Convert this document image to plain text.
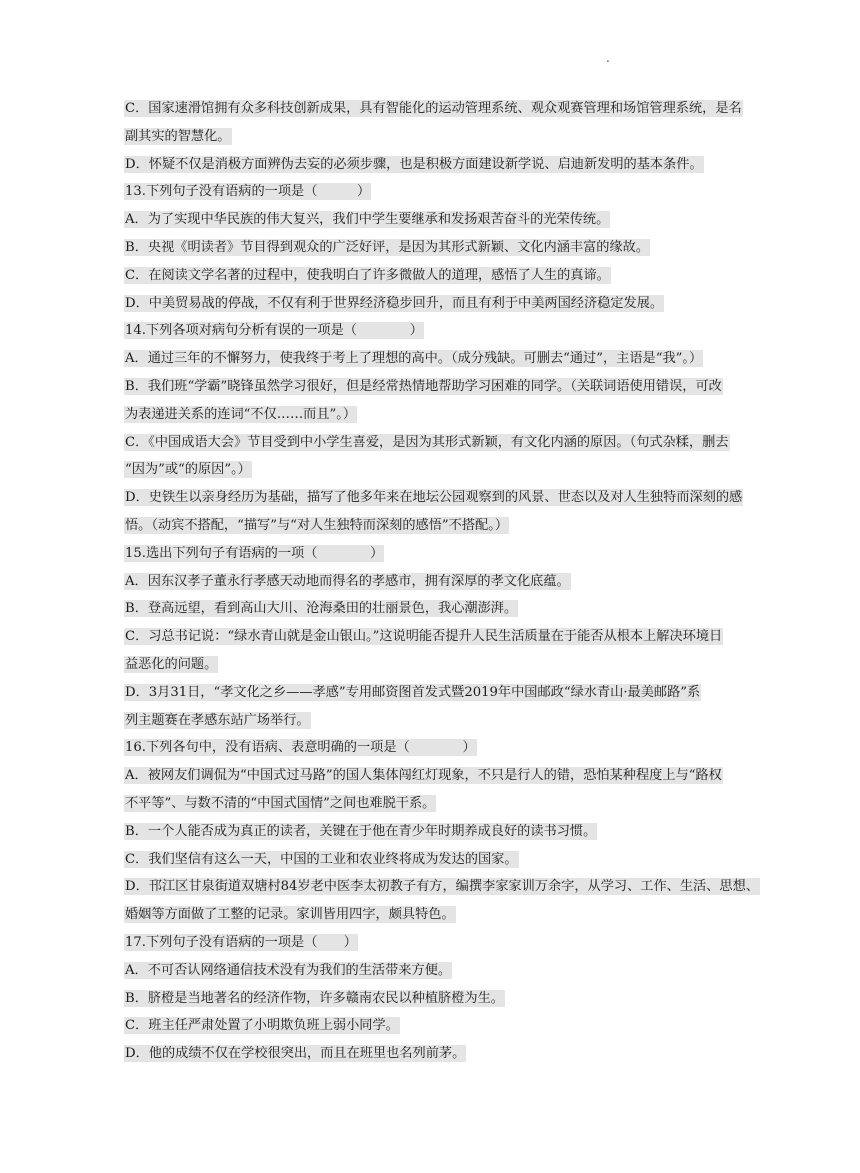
.
C．国家速滑馆拥有众多科技创新成果，具有智能化的运动管理系统、观众观赛管理和场馆管理系统，是名
副其实的智慧化。
D．怀疑不仅是消极方面辨伪去妄的必须步骤，也是积极方面建设新学说、启迪新发明的基本条件。
13.下列句子没有语病的一项是（　　　）
A．为了实现中华民族的伟大复兴，我们中学生要继承和发扬艰苦奋斗的光荣传统。
B．央视《明读者》节目得到观众的广泛好评，是因为其形式新颖、文化内涵丰富的缘故。
C．在阅读文学名著的过程中，使我明白了许多微做人的道理，感悟了人生的真谛。
D．中美贸易战的停战，不仅有利于世界经济稳步回升，而且有利于中美两国经济稳定发展。
14.下列各项对病句分析有误的一项是（　　　　）
A．通过三年的不懈努力，使我终于考上了理想的高中。（成分残缺。可删去“通过”，主语是“我”。）
B．我们班“学霸”晓锋虽然学习很好，但是经常热情地帮助学习困难的同学。（关联词语使用错误，可改
为表递进关系的连词“不仅……而且”。）
C．《中国成语大会》节目受到中小学生喜爱，是因为其形式新颖，有文化内涵的原因。（句式杂糅，删去
“因为”或“的原因”。）
D．史铁生以亲身经历为基础，描写了他多年来在地坛公园观察到的风景、世态以及对人生独特而深刻的感
悟。（动宾不搭配，“描写”与“对人生独特而深刻的感悟”不搭配。）
15.选出下列句子有语病的一项（　　　　）
A．因东汉孝子董永行孝感天动地而得名的孝感市，拥有深厚的孝文化底蕴。
B．登高远望，看到高山大川、沧海桑田的壮丽景色，我心潮澎湃。
C．习总书记说：“绿水青山就是金山银山。”这说明能否提升人民生活质量在于能否从根本上解决环境日
益恶化的问题。
D．3月31日，“孝文化之乡——孝感”专用邮资图首发式暨2019年中国邮政“绿水青山·最美邮路”系
列主题赛在孝感东站广场举行。
16.下列各句中，没有语病、表意明确的一项是（　　　　）
A．被网友们调侃为“中国式过马路”的国人集体闯红灯现象，不只是行人的错，恐怕某种程度上与“路权
不平等”、与数不清的“中国式国情”之间也难脱干系。
B．一个人能否成为真正的读者，关键在于他在青少年时期养成良好的读书习惯。
C．我们坚信有这么一天，中国的工业和农业终将成为发达的国家。
D．邗江区甘泉街道双塘村84岁老中医李太初教子有方，编撰李家家训万余字，从学习、工作、生活、思想、
婚姻等方面做了工整的记录。家训皆用四字，颇具特色。
17.下列句子没有语病的一项是（　　）
A．不可否认网络通信技术没有为我们的生活带来方便。
B．脐橙是当地著名的经济作物，许多赣南农民以种植脐橙为生。
C．班主任严肃处置了小明欺负班上弱小同学。
D．他的成绩不仅在学校很突出，而且在班里也名列前茅。
